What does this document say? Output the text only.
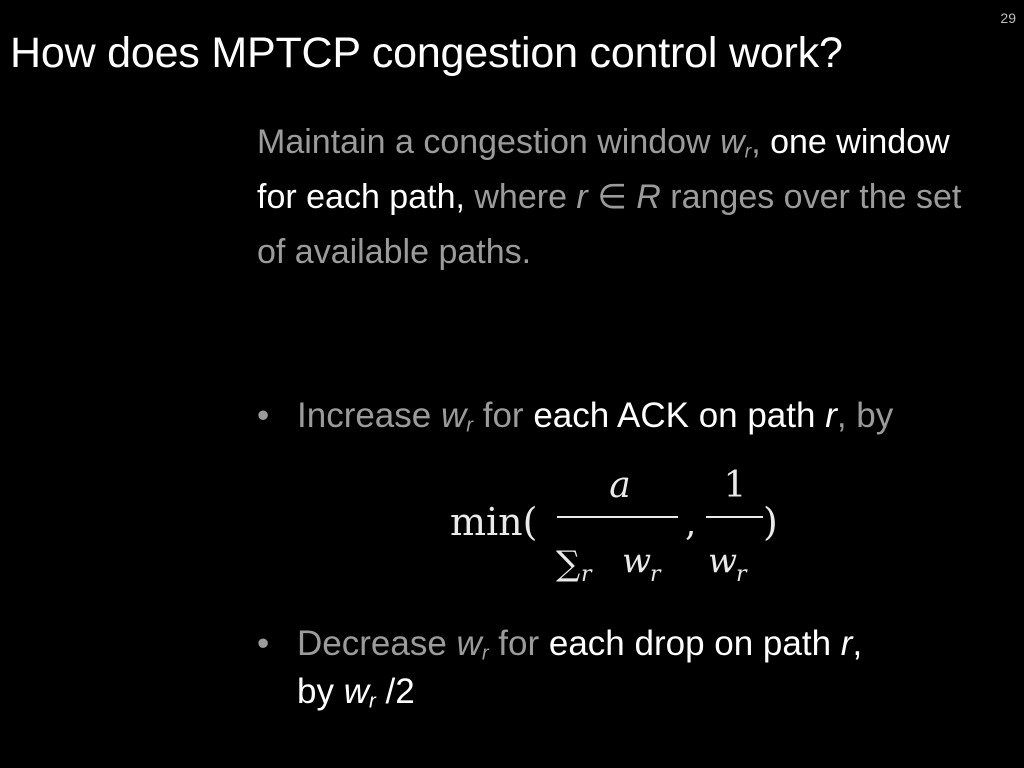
29
How does MPTCP congestion control work?
Maintain a congestion window $w_r$, one window for each path, where r ∈ R ranges over the set of available paths.
• Increase $w_r$ for each ACK on path r, by
• Decrease $w_r$ for each drop on path r,
by $w_r$ /2
min(
a
∑ r w
r
,
1
w
r
)
